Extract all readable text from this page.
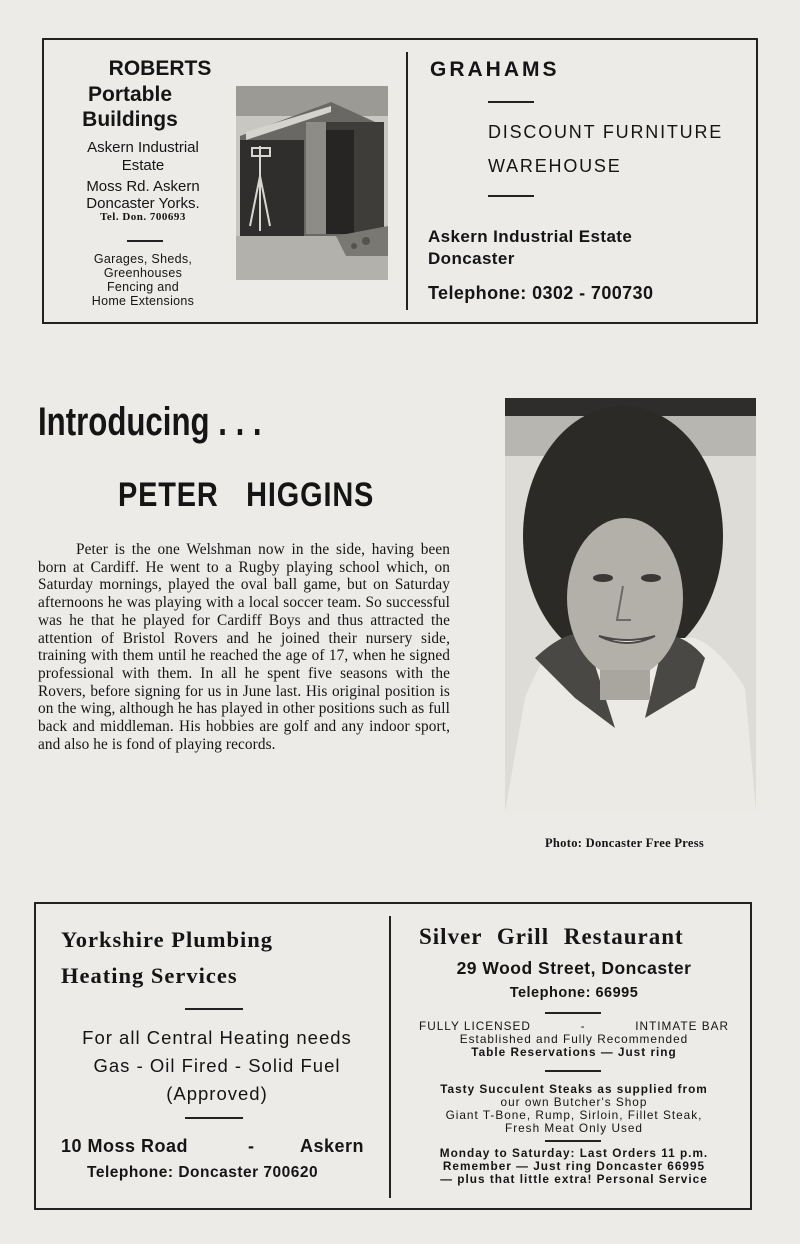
ROBERTS
Portable
Buildings
Askern Industrial
Estate
Moss Rd. Askern
Doncaster Yorks.
Tel. Don. 700693
Garages, Sheds,
Greenhouses
Fencing and
Home Extensions
GRAHAMS
DISCOUNT FURNITURE
WAREHOUSE
Askern Industrial Estate
Doncaster
Telephone: 0302 - 700730
Introducing . . .
PETER HIGGINS
Peter is the one Welshman now in the side, having been born at Cardiff. He went to a Rugby playing school which, on Saturday mornings, played the oval ball game, but on Saturday afternoons he was playing with a local soccer team. So successful was he that he played for Cardiff Boys and thus attracted the attention of Bristol Rovers and he joined their nursery side, training with them until he reached the age of 17, when he signed professional with them. In all he spent five seasons with the Rovers, before signing for us in June last. His original position is on the wing, although he has played in other positions such as full back and middleman. His hobbies are golf and any indoor sport, and also he is fond of playing records.
Photo: Doncaster Free Press
Yorkshire Plumbing
Heating Services
For all Central Heating needs
Gas - Oil Fired - Solid Fuel
(Approved)
10 Moss Road	-	Askern
Telephone: Doncaster 700620
Silver Grill Restaurant
29 Wood Street, Doncaster
Telephone: 66995
FULLY LICENSED	-	INTIMATE BAR
Established and Fully Recommended
Table Reservations — Just ring
Tasty Succulent Steaks as supplied from
our own Butcher's Shop
Giant T-Bone, Rump, Sirloin, Fillet Steak,
Fresh Meat Only Used
Monday to Saturday: Last Orders 11 p.m.
Remember — Just ring Doncaster 66995
— plus that little extra! Personal Service
